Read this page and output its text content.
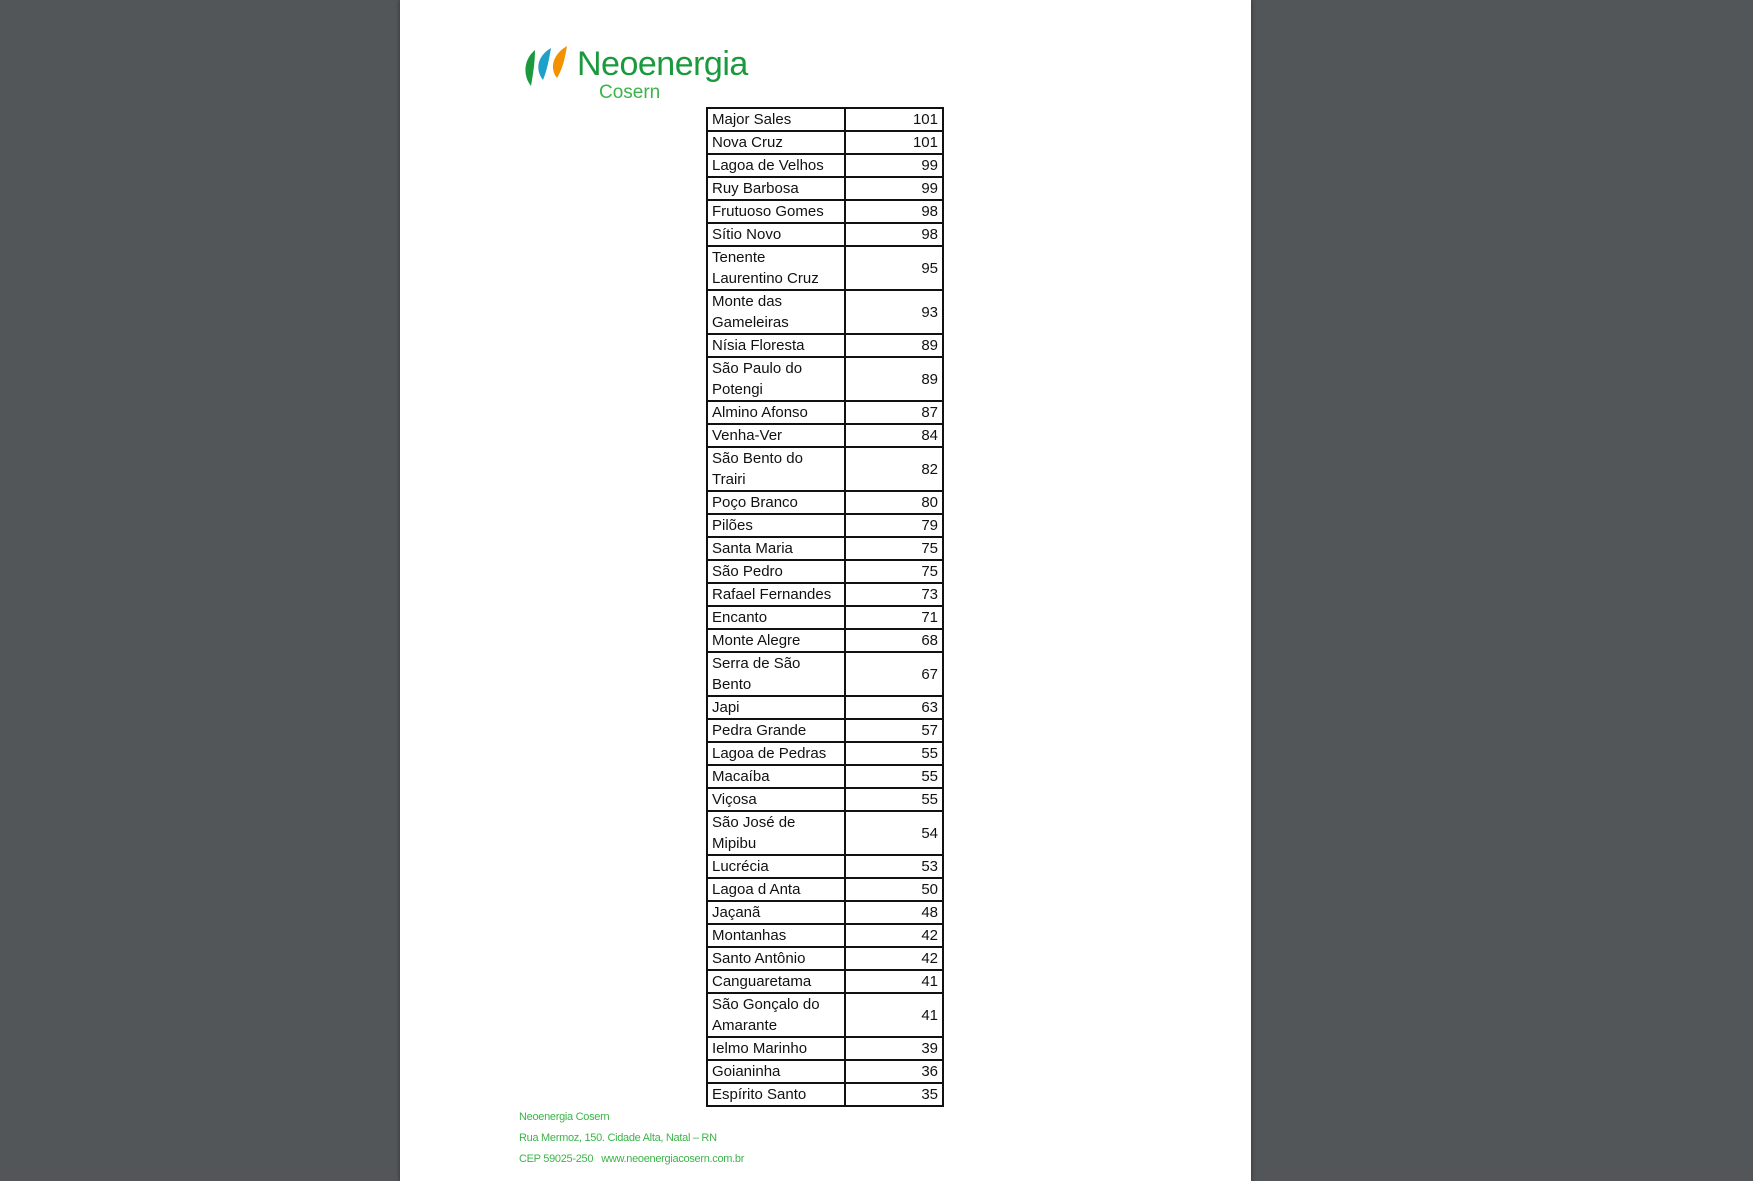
Neoenergia
Cosern
Major Sales	101
Nova Cruz	101
Lagoa de Velhos	99
Ruy Barbosa	99
Frutuoso Gomes	98
Sítio Novo	98
Tenente Laurentino Cruz	95
Monte das Gameleiras	93
Nísia Floresta	89
São Paulo do Potengi	89
Almino Afonso	87
Venha-Ver	84
São Bento do Trairi	82
Poço Branco	80
Pilões	79
Santa Maria	75
São Pedro	75
Rafael Fernandes	73
Encanto	71
Monte Alegre	68
Serra de São Bento	67
Japi	63
Pedra Grande	57
Lagoa de Pedras	55
Macaíba	55
Viçosa	55
São José de Mipibu	54
Lucrécia	53
Lagoa d Anta	50
Jaçanã	48
Montanhas	42
Santo Antônio	42
Canguaretama	41
São Gonçalo do Amarante	41
Ielmo Marinho	39
Goianinha	36
Espírito Santo	35
Neoenergia Cosern
Rua Mermoz, 150. Cidade Alta, Natal – RN
CEP 59025-250 www.neoenergiacosern.com.br
